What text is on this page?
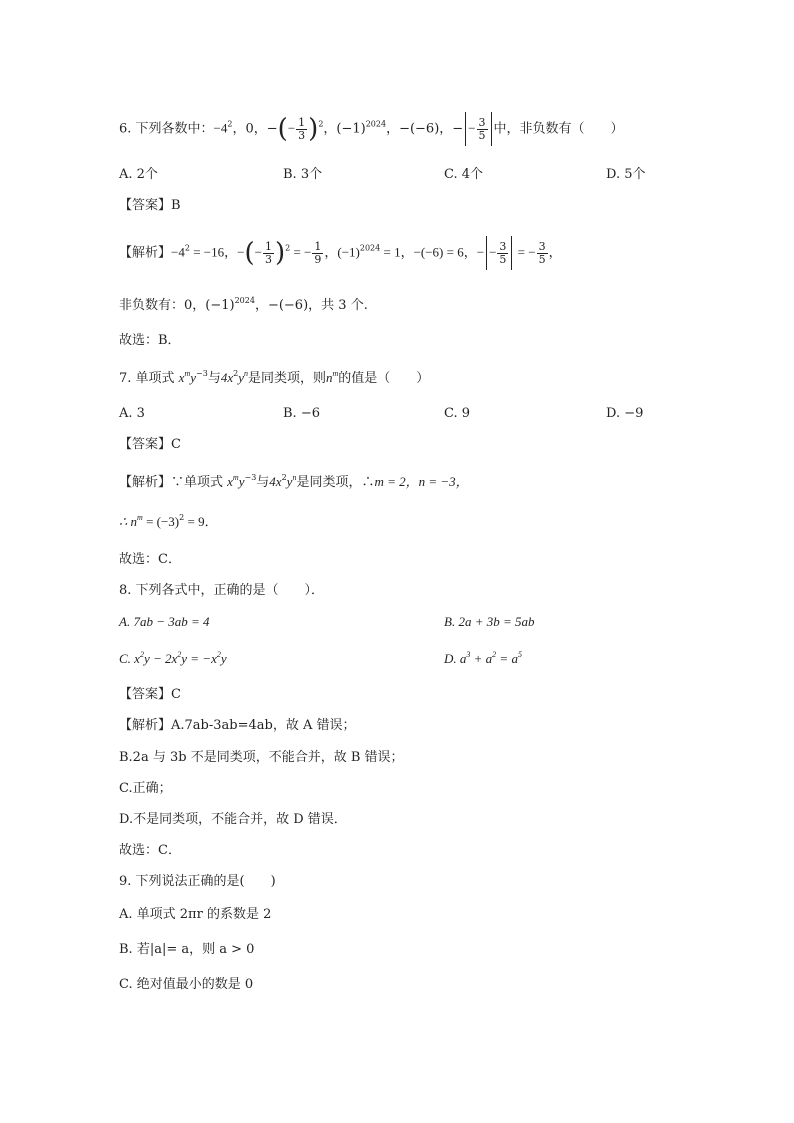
6. 下列各数中：$-4^2$，0，−(− $\frac{1}{3} )^2$，$(-1)^{2024}$，−(−6)，− − $\frac{3}{5}$ 中，非负数有（　　）
A. 2个	B. 3个	C. 4个	D. 5个
【答案】B
【解析】$-4^2 = -16$，−(− $\frac{1}{3} )^2$ = − $\frac{1}{9}$ ，$(-1)^{2024} = 1$，−(−6) = 6，− − $\frac{3}{5}$ = − $\frac{3}{5}$ ，
非负数有：0，$(-1)^{2024}$，−(−6)，共 3 个.
故选：B．
7. 单项式 $x^my^{-3}$与$4x^2y^n$是同类项，则$n^m$的值是（　　）
A. 3	B. −6	C. 9	D. −9
【答案】C
【解析】∵单项式 $x^my^{-3}$与$4x^2y^n$是同类项，∴m = 2，n = −3，
∴ $n^m = (-3)^2 = 9$．
故选：C．
8. 下列各式中，正确的是（　　）．
A. 7ab − 3ab = 4	B. 2a + 3b = 5ab
C. $x^2y - 2x^2y = -x^2y$	D. $a^3 + a^2 = a^5$
【答案】C
【解析】A.7ab-3ab=4ab，故 A 错误；
B.2a 与 3b 不是同类项，不能合并，故 B 错误；
C.正确；
D.不是同类项，不能合并，故 D 错误．
故选：C．
9. 下列说法正确的是(　　)
A. 单项式 2πr 的系数是 2
B. 若|a|= a，则 a > 0
C. 绝对值最小的数是 0
